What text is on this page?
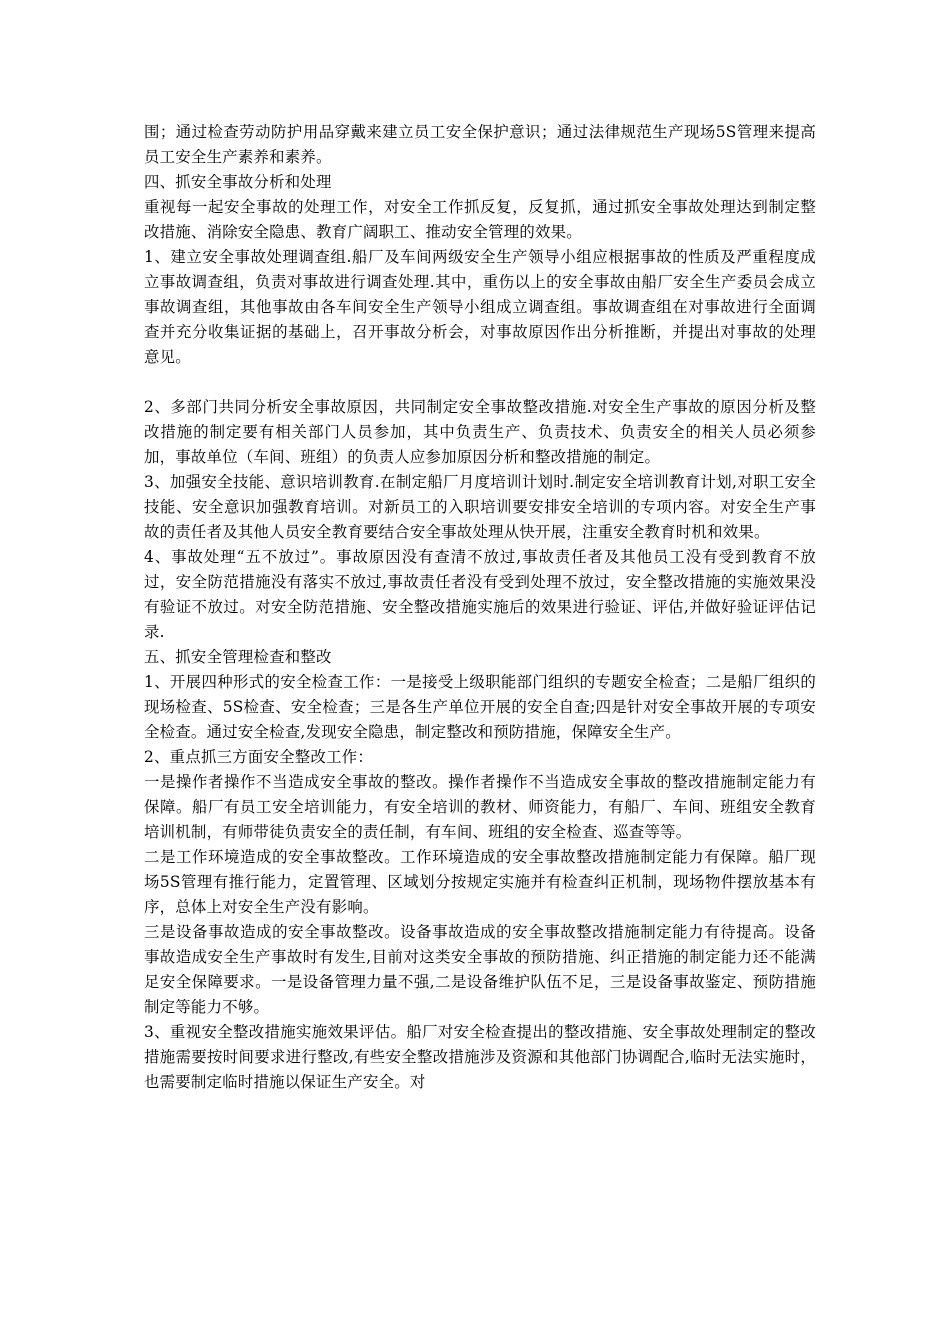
围；通过检查劳动防护用品穿戴来建立员工安全保护意识；通过法律规范生产现场5S管理来提高员工安全生产素养和素养。

四、抓安全事故分析和处理

重视每一起安全事故的处理工作，对安全工作抓反复，反复抓，通过抓安全事故处理达到制定整改措施、消除安全隐患、教育广阔职工、推动安全管理的效果。

1、建立安全事故处理调查组.船厂及车间两级安全生产领导小组应根据事故的性质及严重程度成立事故调查组，负责对事故进行调查处理.其中，重伤以上的安全事故由船厂安全生产委员会成立事故调查组，其他事故由各车间安全生产领导小组成立调查组。事故调查组在对事故进行全面调查并充分收集证据的基础上，召开事故分析会，对事故原因作出分析推断，并提出对事故的处理意见。

2、多部门共同分析安全事故原因，共同制定安全事故整改措施.对安全生产事故的原因分析及整改措施的制定要有相关部门人员参加，其中负责生产、负责技术、负责安全的相关人员必须参加，事故单位（车间、班组）的负责人应参加原因分析和整改措施的制定。

3、加强安全技能、意识培训教育.在制定船厂月度培训计划时.制定安全培训教育计划,对职工安全技能、安全意识加强教育培训。对新员工的入职培训要安排安全培训的专项内容。对安全生产事故的责任者及其他人员安全教育要结合安全事故处理从快开展，注重安全教育时机和效果。

4、事故处理“五不放过”。事故原因没有查清不放过,事故责任者及其他员工没有受到教育不放过，安全防范措施没有落实不放过,事故责任者没有受到处理不放过，安全整改措施的实施效果没有验证不放过。对安全防范措施、安全整改措施实施后的效果进行验证、评估,并做好验证评估记录.

五、抓安全管理检查和整改

1、开展四种形式的安全检查工作：一是接受上级职能部门组织的专题安全检查；二是船厂组织的现场检查、5S检查、安全检查；三是各生产单位开展的安全自查;四是针对安全事故开展的专项安全检查。通过安全检查,发现安全隐患，制定整改和预防措施，保障安全生产。

2、重点抓三方面安全整改工作：

一是操作者操作不当造成安全事故的整改。操作者操作不当造成安全事故的整改措施制定能力有保障。船厂有员工安全培训能力，有安全培训的教材、师资能力，有船厂、车间、班组安全教育培训机制，有师带徒负责安全的责任制，有车间、班组的安全检查、巡查等等。

二是工作环境造成的安全事故整改。工作环境造成的安全事故整改措施制定能力有保障。船厂现场5S管理有推行能力，定置管理、区域划分按规定实施并有检查纠正机制，现场物件摆放基本有序，总体上对安全生产没有影响。

三是设备事故造成的安全事故整改。设备事故造成的安全事故整改措施制定能力有待提高。设备事故造成安全生产事故时有发生,目前对这类安全事故的预防措施、纠正措施的制定能力还不能满足安全保障要求。一是设备管理力量不强,二是设备维护队伍不足，三是设备事故鉴定、预防措施制定等能力不够。

3、重视安全整改措施实施效果评估。船厂对安全检查提出的整改措施、安全事故处理制定的整改措施需要按时间要求进行整改,有些安全整改措施涉及资源和其他部门协调配合,临时无法实施时，也需要制定临时措施以保证生产安全。对
